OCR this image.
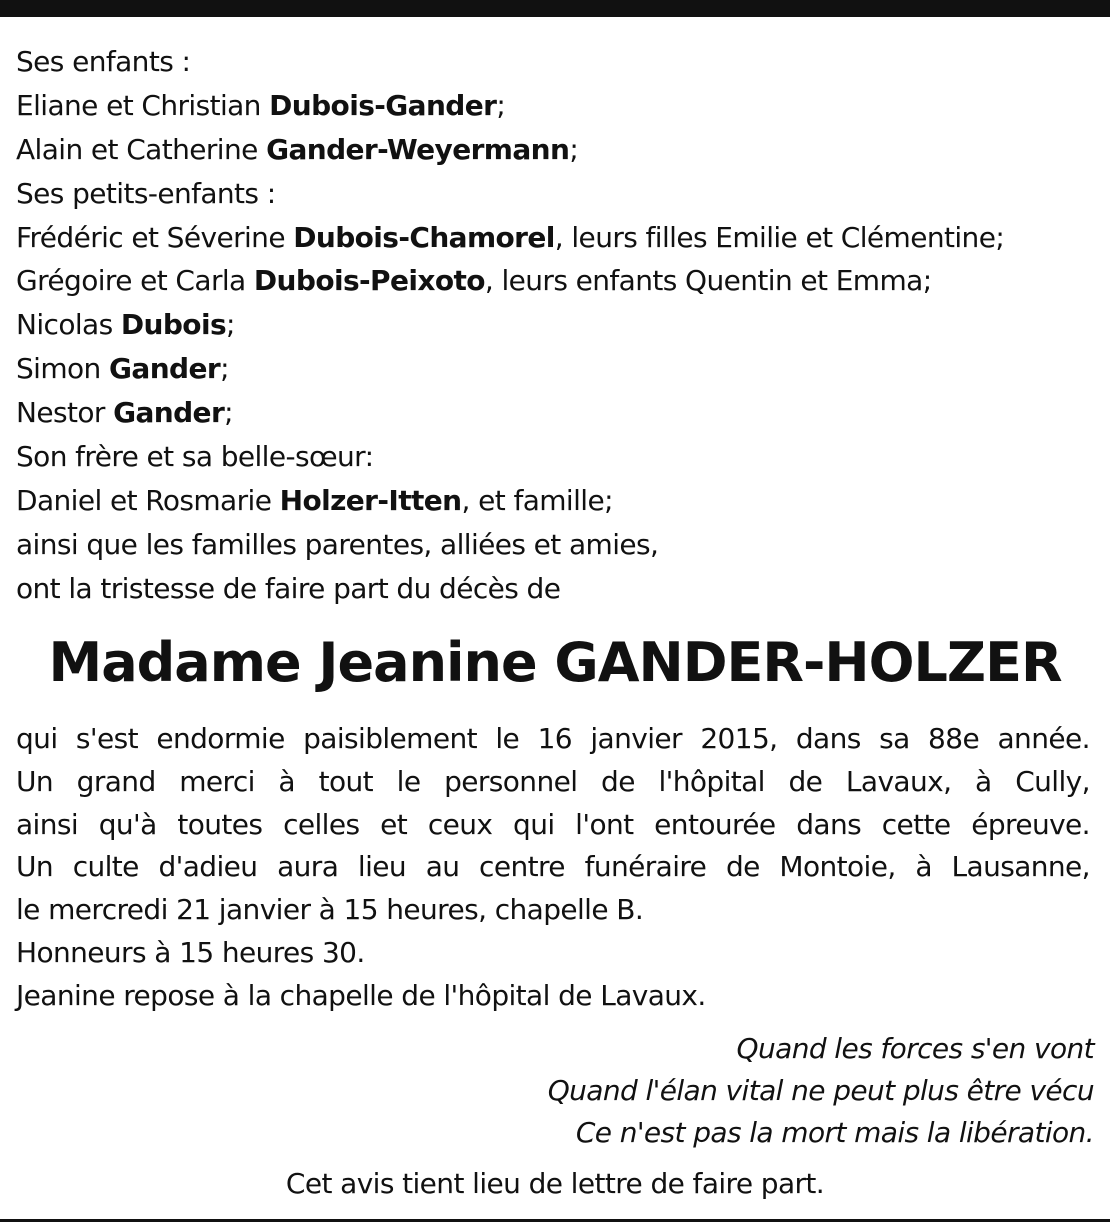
Ses enfants :
Eliane et Christian Dubois-Gander;
Alain et Catherine Gander-Weyermann;
Ses petits-enfants :
Frédéric et Séverine Dubois-Chamorel, leurs filles Emilie et Clémentine;
Grégoire et Carla Dubois-Peixoto, leurs enfants Quentin et Emma;
Nicolas Dubois;
Simon Gander;
Nestor Gander;
Son frère et sa belle-sœur:
Daniel et Rosmarie Holzer-Itten, et famille;
ainsi que les familles parentes, alliées et amies,
ont la tristesse de faire part du décès de
Madame Jeanine GANDER-HOLZER
qui s'est endormie paisiblement le 16 janvier 2015, dans sa 88e année.
Un grand merci à tout le personnel de l'hôpital de Lavaux, à Cully,
ainsi qu'à toutes celles et ceux qui l'ont entourée dans cette épreuve.
Un culte d'adieu aura lieu au centre funéraire de Montoie, à Lausanne,
le mercredi 21 janvier à 15 heures, chapelle B.
Honneurs à 15 heures 30.
Jeanine repose à la chapelle de l'hôpital de Lavaux.
Quand les forces s'en vont
Quand l'élan vital ne peut plus être vécu
Ce n'est pas la mort mais la libération.
Cet avis tient lieu de lettre de faire part.
